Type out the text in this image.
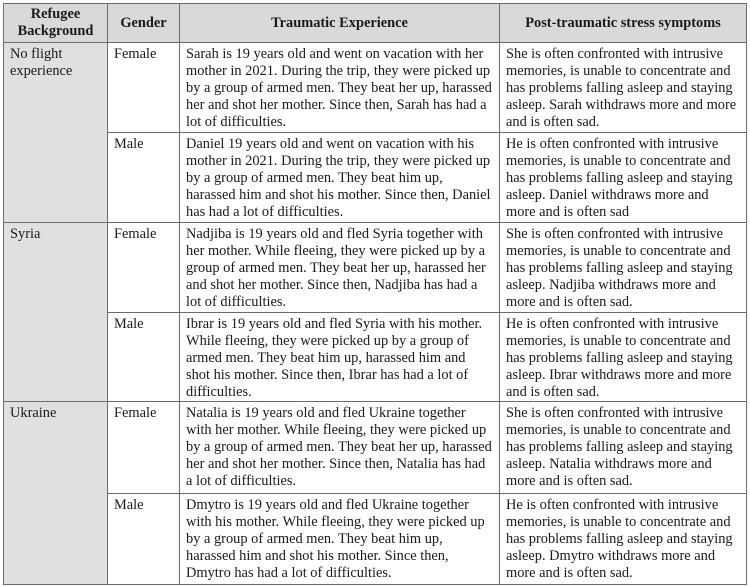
Refugee Background	Gender	Traumatic Experience	Post-traumatic stress symptoms
No flight experience	Female	Sarah is 19 years old and went on vacation with her mother in 2021. During the trip, they were picked up by a group of armed men. They beat her up, harassed her and shot her mother. Since then, Sarah has had a lot of difficulties.	She is often confronted with intrusive memories, is unable to concentrate and has problems falling asleep and staying asleep. Sarah withdraws more and more and is often sad.
	Male	Daniel 19 years old and went on vacation with his mother in 2021. During the trip, they were picked up by a group of armed men. They beat him up, harassed him and shot his mother. Since then, Daniel has had a lot of difficulties.	He is often confronted with intrusive memories, is unable to concentrate and has problems falling asleep and staying asleep. Daniel withdraws more and more and is often sad
Syria	Female	Nadjiba is 19 years old and fled Syria together with her mother. While fleeing, they were picked up by a group of armed men. They beat her up, harassed her and shot her mother. Since then, Nadjiba has had a lot of difficulties.	She is often confronted with intrusive memories, is unable to concentrate and has problems falling asleep and staying asleep. Nadjiba withdraws more and more and is often sad.
	Male	Ibrar is 19 years old and fled Syria with his mother. While fleeing, they were picked up by a group of armed men. They beat him up, harassed him and shot his mother. Since then, Ibrar has had a lot of difficulties.	He is often confronted with intrusive memories, is unable to concentrate and has problems falling asleep and staying asleep. Ibrar withdraws more and more and is often sad.
Ukraine	Female	Natalia is 19 years old and fled Ukraine together with her mother. While fleeing, they were picked up by a group of armed men. They beat her up, harassed her and shot her mother. Since then, Natalia has had a lot of difficulties.	She is often confronted with intrusive memories, is unable to concentrate and has problems falling asleep and staying asleep. Natalia withdraws more and more and is often sad.
	Male	Dmytro is 19 years old and fled Ukraine together with his mother. While fleeing, they were picked up by a group of armed men. They beat him up, harassed him and shot his mother. Since then, Dmytro has had a lot of difficulties.	He is often confronted with intrusive memories, is unable to concentrate and has problems falling asleep and staying asleep. Dmytro withdraws more and more and is often sad.
